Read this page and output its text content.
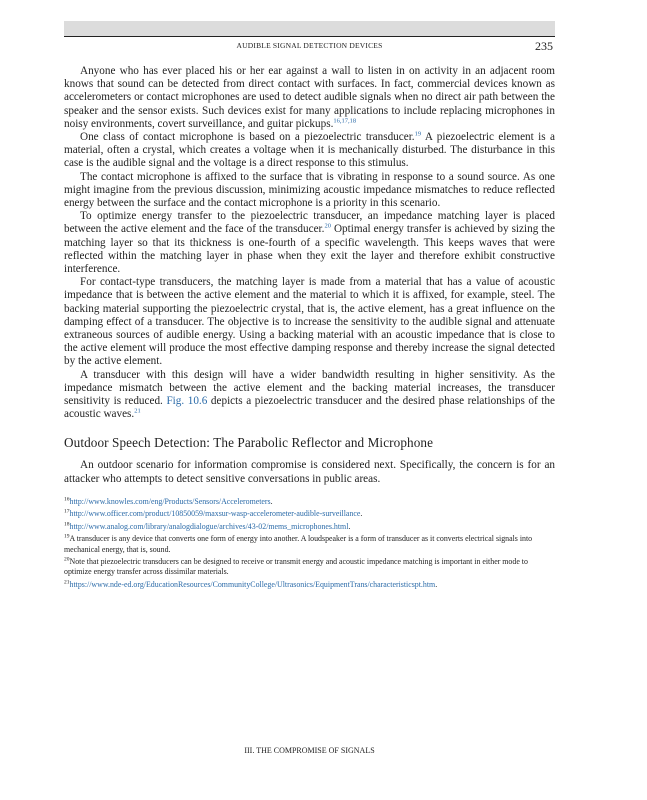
AUDIBLE SIGNAL DETECTION DEVICES	235

Anyone who has ever placed his or her ear against a wall to listen in on activity in an adjacent room knows that sound can be detected from direct contact with surfaces. In fact, commercial devices known as accelerometers or contact microphones are used to detect audible signals when no direct air path between the speaker and the sensor exists. Such devices exist for many applications to include replacing microphones in noisy environments, covert surveillance, and guitar pickups.$^{16,17,18}$

One class of contact microphone is based on a piezoelectric transducer.$^{19}$ A piezoelectric element is a material, often a crystal, which creates a voltage when it is mechanically disturbed. The disturbance in this case is the audible signal and the voltage is a direct response to this stimulus.

The contact microphone is affixed to the surface that is vibrating in response to a sound source. As one might imagine from the previous discussion, minimizing acoustic impedance mismatches to reduce reflected energy between the surface and the contact microphone is a priority in this scenario.

To optimize energy transfer to the piezoelectric transducer, an impedance matching layer is placed between the active element and the face of the transducer.$^{20}$ Optimal energy transfer is achieved by sizing the matching layer so that its thickness is one-fourth of a specific wavelength. This keeps waves that were reflected within the matching layer in phase when they exit the layer and therefore exhibit constructive interference.

For contact-type transducers, the matching layer is made from a material that has a value of acoustic impedance that is between the active element and the material to which it is affixed, for example, steel. The backing material supporting the piezoelectric crystal, that is, the active element, has a great influence on the damping effect of a transducer. The objective is to increase the sensitivity to the audible signal and attenuate extraneous sources of audible energy. Using a backing material with an acoustic impedance that is close to the active element will produce the most effective damping response and thereby increase the signal detected by the active element.

A transducer with this design will have a wider bandwidth resulting in higher sensitivity. As the impedance mismatch between the active element and the backing material increases, the transducer sensitivity is reduced. Fig. 10.6 depicts a piezoelectric transducer and the desired phase relationships of the acoustic waves.$^{21}$

Outdoor Speech Detection: The Parabolic Reflector and Microphone

An outdoor scenario for information compromise is considered next. Specifically, the concern is for an attacker who attempts to detect sensitive conversations in public areas.

$^{16}$http://www.knowles.com/eng/Products/Sensors/Accelerometers.
$^{17}$http://www.officer.com/product/10850059/maxsur-wasp-accelerometer-audible-surveillance.
$^{18}$http://www.analog.com/library/analogdialogue/archives/43-02/mems_microphones.html.
$^{19}$A transducer is any device that converts one form of energy into another. A loudspeaker is a form of transducer as it converts electrical signals into mechanical energy, that is, sound.
$^{20}$Note that piezoelectric transducers can be designed to receive or transmit energy and acoustic impedance matching is important in either mode to optimize energy transfer across dissimilar materials.
$^{21}$https://www.nde-ed.org/EducationResources/CommunityCollege/Ultrasonics/EquipmentTrans/characteristicspt.htm.
III. THE COMPROMISE OF SIGNALS
